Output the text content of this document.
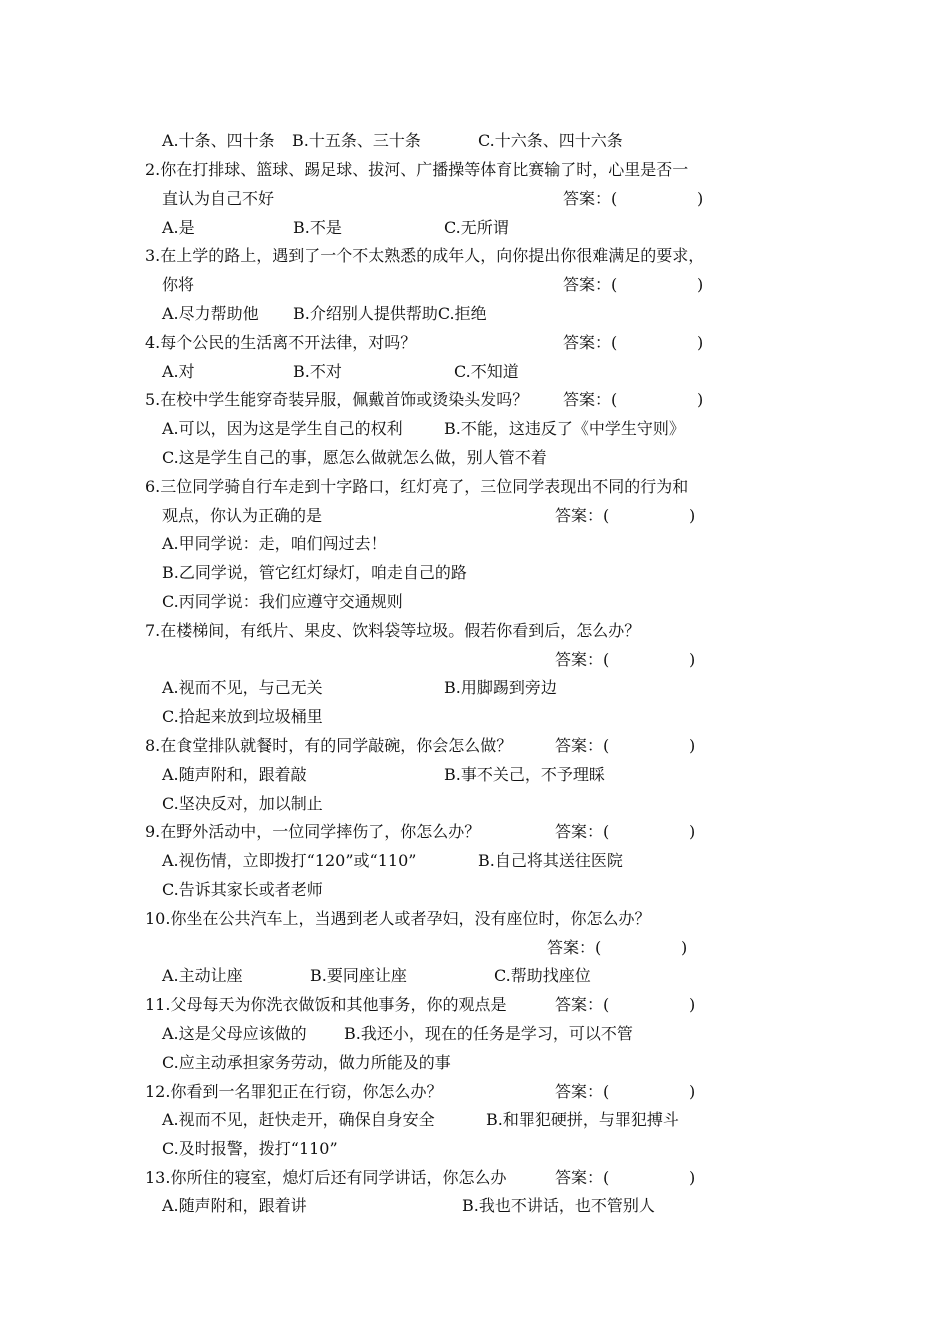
A.十条、四十条 B.十五条、三十条	C.十六条、四十六条
2.你在打排球、篮球、踢足球、拔河、广播操等体育比赛输了时，心里是否一
直认为自己不好	答案：(	)
A.是	B.不是	C.无所谓
3.在上学的路上，遇到了一个不太熟悉的成年人，向你提出你很难满足的要求，
你将	答案：(	)
A.尽力帮助他 B.介绍别人提供帮助C.拒绝
4.每个公民的生活离不开法律，对吗？	答案：(	)
A.对	B.不对	C.不知道
5.在校中学生能穿奇装异服，佩戴首饰或烫染头发吗？ 答案：(	)
A.可以，因为这是学生自己的权利	B.不能，这违反了《中学生守则》
C.这是学生自己的事，愿怎么做就怎么做，别人管不着
6.三位同学骑自行车走到十字路口，红灯亮了，三位同学表现出不同的行为和
观点，你认为正确的是	答案：(	)
A.甲同学说：走，咱们闯过去！
B.乙同学说，管它红灯绿灯，咱走自己的路
C.丙同学说：我们应遵守交通规则
7.在楼梯间，有纸片、果皮、饮料袋等垃圾。假若你看到后，怎么办？
答案：(	)
A.视而不见，与己无关	B.用脚踢到旁边
C.拾起来放到垃圾桶里
8.在食堂排队就餐时，有的同学敲碗，你会怎么做？	答案：(	)
A.随声附和，跟着敲	B.事不关己，不予理睬
C.坚决反对，加以制止
9.在野外活动中，一位同学摔伤了，你怎么办？	答案：(	)
A.视伤情，立即拨打“120”或“110”	B.自己将其送往医院
C.告诉其家长或者老师
10.你坐在公共汽车上，当遇到老人或者孕妇，没有座位时，你怎么办？
答案：(	)
A.主动让座	B.要同座让座	C.帮助找座位
11.父母每天为你洗衣做饭和其他事务，你的观点是	答案：(	)
A.这是父母应该做的 B.我还小，现在的任务是学习，可以不管
C.应主动承担家务劳动，做力所能及的事
12.你看到一名罪犯正在行窃，你怎么办？	答案：(	)
A.视而不见，赶快走开，确保自身安全	B.和罪犯硬拼，与罪犯搏斗
C.及时报警，拨打“110”
13.你所住的寝室，熄灯后还有同学讲话，你怎么办	答案：(	)
A.随声附和，跟着讲	B.我也不讲话，也不管别人
